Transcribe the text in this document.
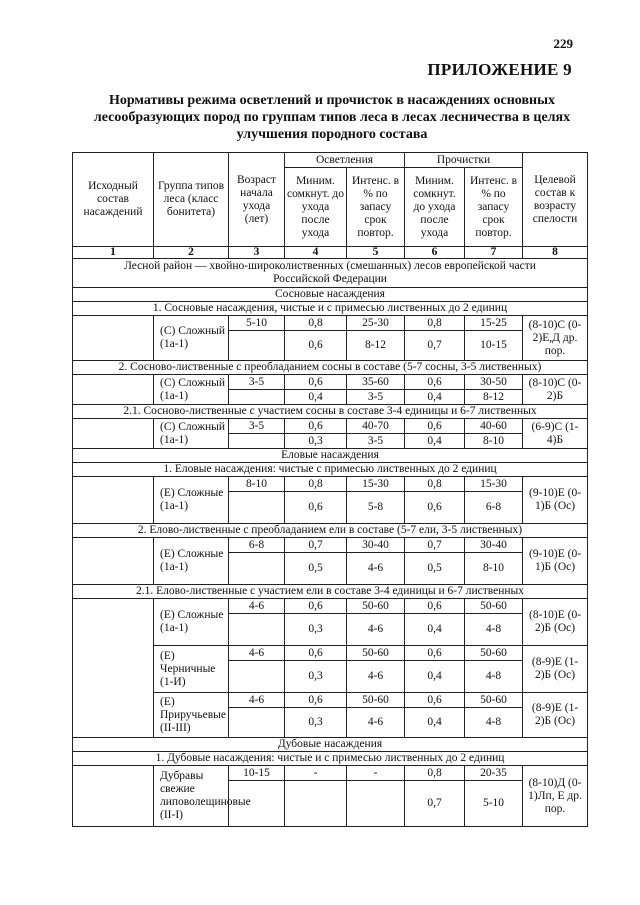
229
ПРИЛОЖЕНИЕ 9
Нормативы режима осветлений и прочисток в насаждениях основных лесообразующих пород по группам типов леса в лесах лесничества в целях улучшения породного состава
Исходный состав насаждений	Группа типов леса (класс бонитета)	Возраст начала ухода (лет)	Осветления		Прочистки		Целевой состав к возрасту спелости
			Миним. сомкнут. до ухода после ухода	Интенс. в % по запасу срок повтор.	Миним. сомкнут. до ухода после ухода	Интенс. в % по запасу срок повтор.	
1	2	3	4	5	6	7	8
Лесной район — хвойно-широколиственных (смешанных) лесов европейской части Российской Федерации							
Сосновые насаждения							
1. Сосновые насаждения, чистые и с примесью лиственных до 2 единиц							
	(С) Сложный (1а-1)	5-10	0,8	25-30	0,8	15-25	(8-10)С (0-2)Е,Д др. пор.
			0,6	8-12	0,7	10-15	
2. Сосново-лиственные с преобладанием сосны в составе (5-7 сосны, 3-5 лиственных)							
	(С) Сложный (1а-1)	3-5	0,6	35-60	0,6	30-50	(8-10)С (0-2)Б
			0,4	3-5	0,4	8-12	
2.1. Сосново-лиственные с участием сосны в составе 3-4 единицы и 6-7 лиственных							
	(С) Сложный (1а-1)	3-5	0,6	40-70	0,6	40-60	(6-9)С (1-4)Б
			0,3	3-5	0,4	8-10	
Еловые насаждения							
1. Еловые насаждения: чистые с примесью лиственных до 2 единиц							
	(Е) Сложные (1а-1)	8-10	0,8	15-30	0,8	15-30	(9-10)Е (0-1)Б (Ос)
			0,6	5-8	0,6	6-8	
2. Елово-лиственные с преобладанием ели в составе (5-7 ели, 3-5 лиственных)							
	(Е) Сложные (1а-1)	6-8	0,7	30-40	0,7	30-40	(9-10)Е (0-1)Б (Ос)
			0,5	4-6	0,5	8-10	
2.1. Елово-лиственные с участием ели в составе 3-4 единицы и 6-7 лиственных							
	(Е) Сложные (1а-1)	4-6	0,6	50-60	0,6	50-60	(8-10)Е (0-2)Б (Ос)
			0,3	4-6	0,4	4-8	
	(Е) Черничные (1-И)	4-6	0,6	50-60	0,6	50-60	(8-9)Е (1-2)Б (Ос)
			0,3	4-6	0,4	4-8	
	(Е) Приручьевые (II-III)	4-6	0,6	50-60	0,6	50-60	(8-9)Е (1-2)Б (Ос)
			0,3	4-6	0,4	4-8	
Дубовые насаждения							
1. Дубовые насаждения: чистые и с примесью лиственных до 2 единиц							
	Дубравы свежие липоволещиновые (II-I)	10-15	-	-	0,8	20-35	(8-10)Д (0-1)Лп, Е др. пор.
					0,7	5-10	
